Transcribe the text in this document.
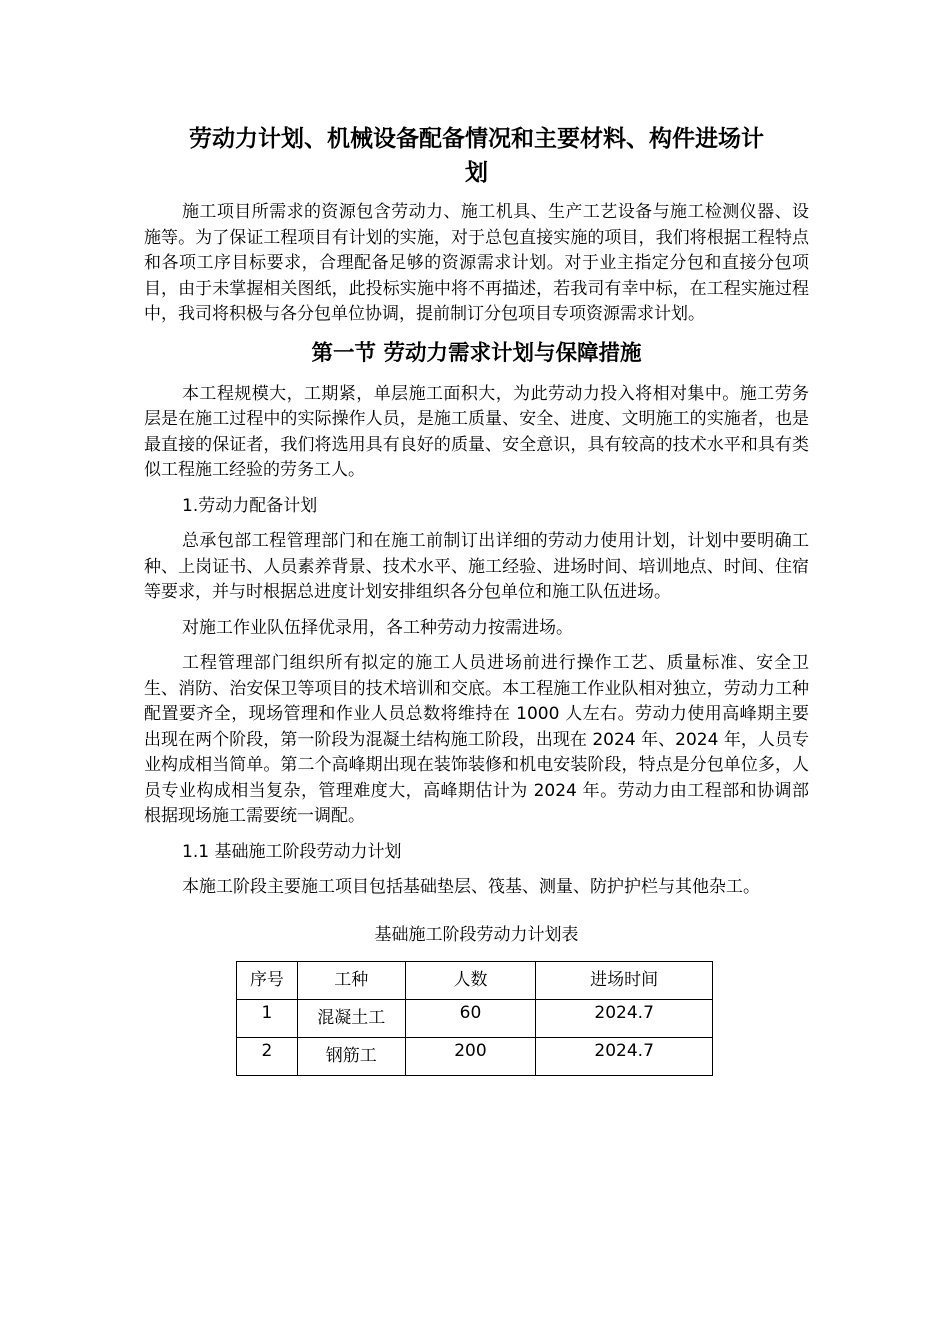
劳动力计划、机械设备配备情况和主要材料、构件进场计
划

施工项目所需求的资源包含劳动力、施工机具、生产工艺设备与施工检测仪器、设施等。为了保证工程项目有计划的实施，对于总包直接实施的项目，我们将根据工程特点和各项工序目标要求，合理配备足够的资源需求计划。对于业主指定分包和直接分包项目，由于未掌握相关图纸，此投标实施中将不再描述，若我司有幸中标，在工程实施过程中，我司将积极与各分包单位协调，提前制订分包项目专项资源需求计划。

第一节 劳动力需求计划与保障措施

本工程规模大，工期紧，单层施工面积大，为此劳动力投入将相对集中。施工劳务层是在施工过程中的实际操作人员，是施工质量、安全、进度、文明施工的实施者，也是最直接的保证者，我们将选用具有良好的质量、安全意识，具有较高的技术水平和具有类似工程施工经验的劳务工人。

1.劳动力配备计划

总承包部工程管理部门和在施工前制订出详细的劳动力使用计划，计划中要明确工种、上岗证书、人员素养背景、技术水平、施工经验、进场时间、培训地点、时间、住宿等要求，并与时根据总进度计划安排组织各分包单位和施工队伍进场。

对施工作业队伍择优录用，各工种劳动力按需进场。

工程管理部门组织所有拟定的施工人员进场前进行操作工艺、质量标准、安全卫生、消防、治安保卫等项目的技术培训和交底。本工程施工作业队相对独立，劳动力工种配置要齐全，现场管理和作业人员总数将维持在 1000 人左右。劳动力使用高峰期主要出现在两个阶段，第一阶段为混凝土结构施工阶段，出现在 2024 年、2024 年，人员专业构成相当简单。第二个高峰期出现在装饰装修和机电安装阶段，特点是分包单位多，人员专业构成相当复杂，管理难度大，高峰期估计为 2024 年。劳动力由工程部和协调部根据现场施工需要统一调配。

1.1 基础施工阶段劳动力计划

本施工阶段主要施工项目包括基础垫层、筏基、测量、防护护栏与其他杂工。

基础施工阶段劳动力计划表
序号	工种	人数	进场时间
1	混凝土工	60	2024.7
2	钢筋工	200	2024.7
